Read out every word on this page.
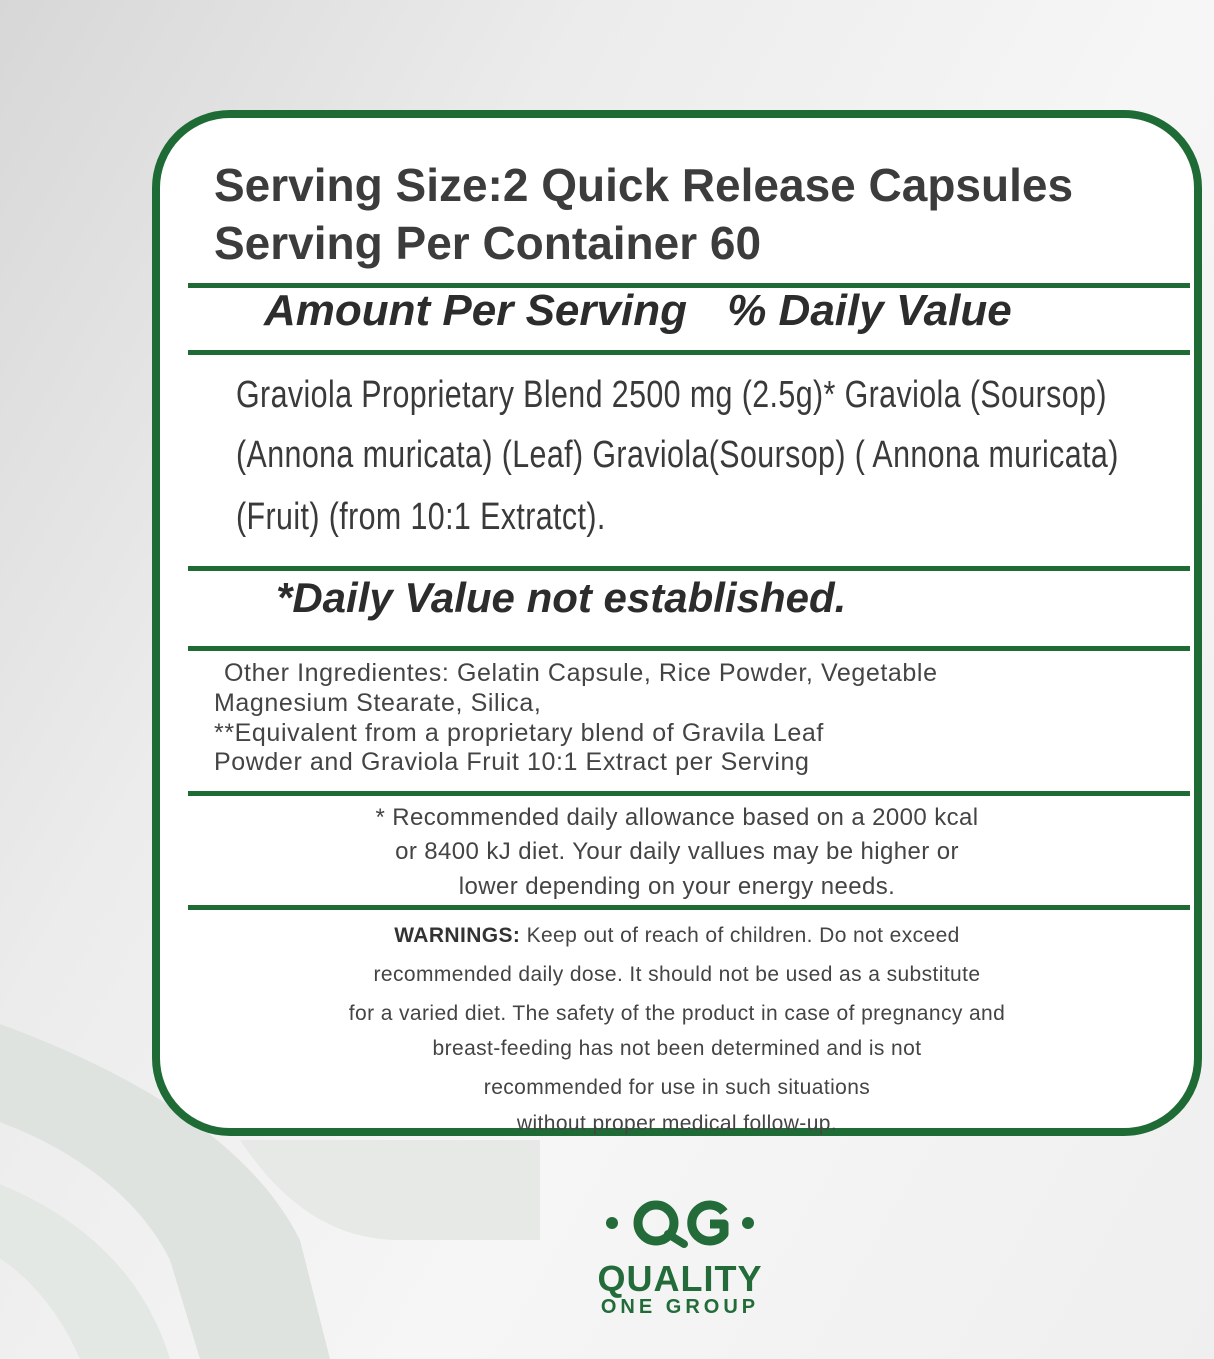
Serving Size:2 Quick Release Capsules
Serving Per Container 60
Amount Per Serving % Daily Value
Graviola Proprietary Blend 2500 mg (2.5g)* Graviola (Soursop)
(Annona muricata) (Leaf) Graviola(Soursop) ( Annona muricata)
(Fruit) (from 10:1 Extratct).
*Daily Value not established.
Other Ingredientes: Gelatin Capsule, Rice Powder, Vegetable
Magnesium Stearate, Silica,
**Equivalent from a proprietary blend of Gravila Leaf
Powder and Graviola Fruit 10:1 Extract per Serving
* Recommended daily allowance based on a 2000 kcal
or 8400 kJ diet. Your daily vallues may be higher or
lower depending on your energy needs.
WARNINGS: Keep out of reach of children. Do not exceed
recommended daily dose. It should not be used as a substitute
for a varied diet. The safety of the product in case of pregnancy and
breast-feeding has not been determined and is not
recommended for use in such situations
without proper medical follow-up.
QUALITY
ONE GROUP
